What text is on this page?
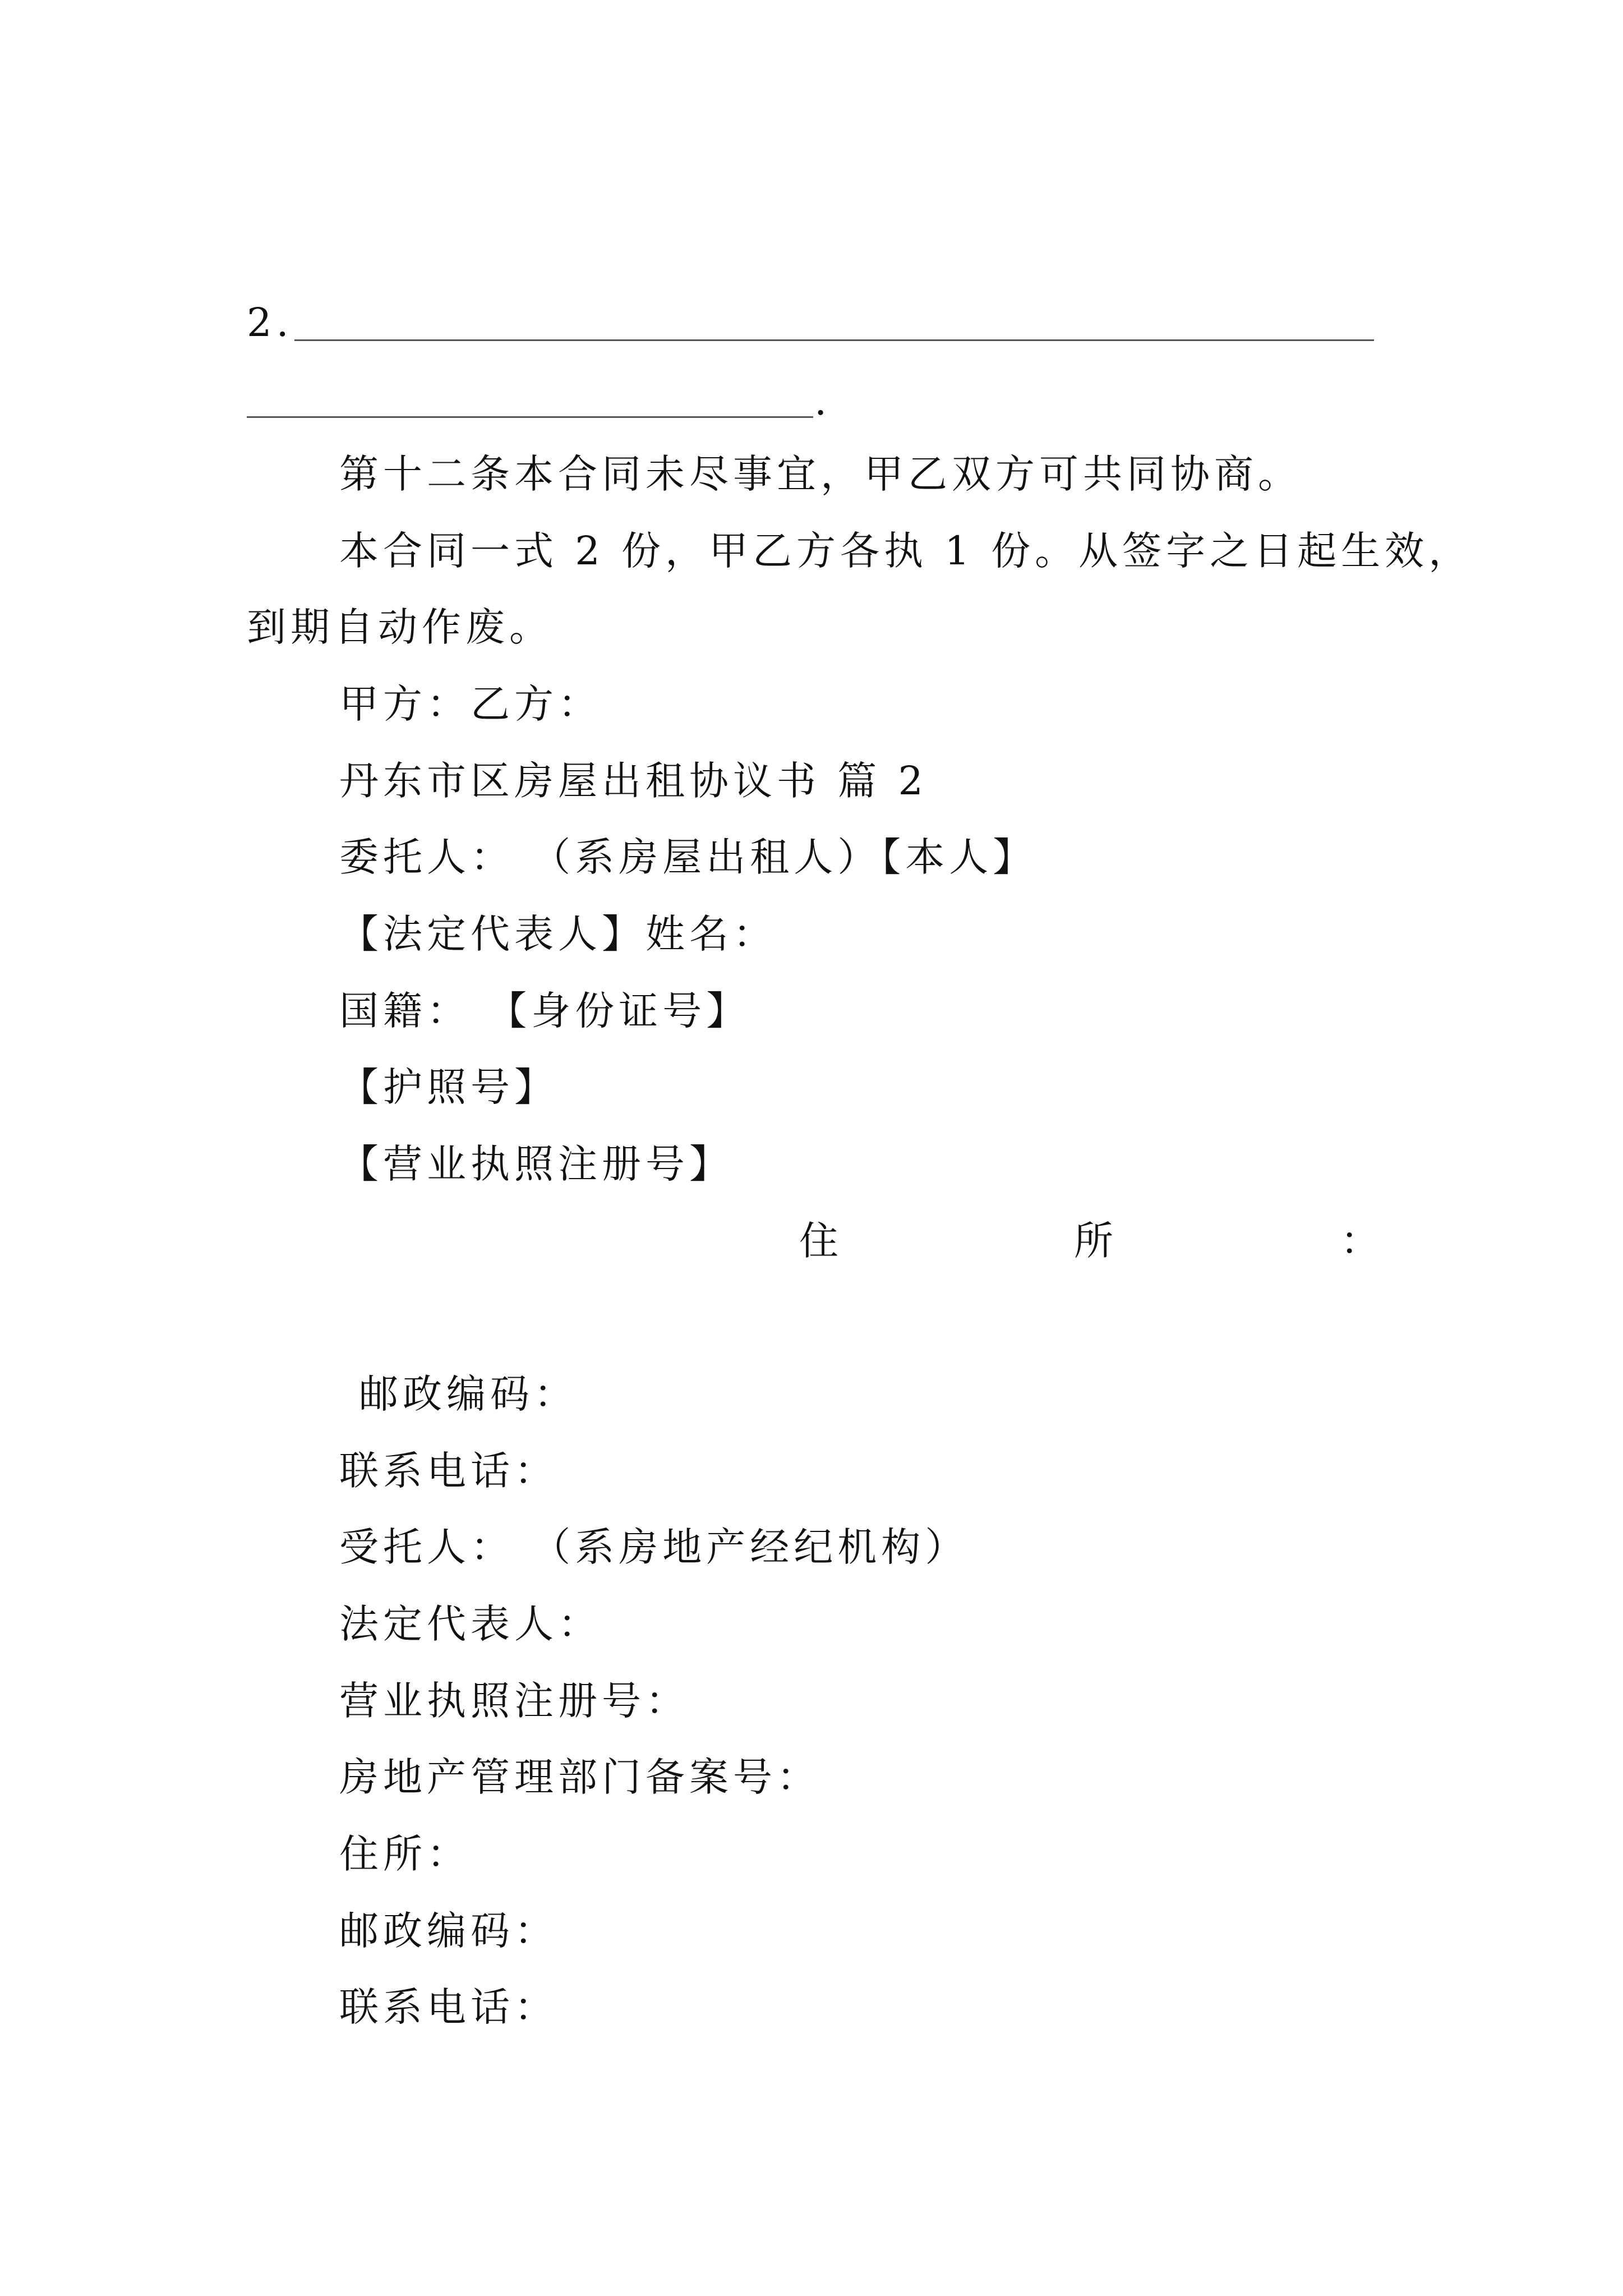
2.
.
第十二条本合同未尽事宜，甲乙双方可共同协商。
本合同一式 2 份，甲乙方各执 1 份。从签字之日起生效，
到期自动作废。
甲方：乙方：
丹东市区房屋出租协议书 篇 2
委托人： （系房屋出租人）【本人】
【法定代表人】姓名：
国籍： 【身份证号】
【护照号】
【营业执照注册号】
住	所	：
邮政编码：
联系电话：
受托人： （系房地产经纪机构）
法定代表人：
营业执照注册号：
房地产管理部门备案号：
住所：
邮政编码：
联系电话：
